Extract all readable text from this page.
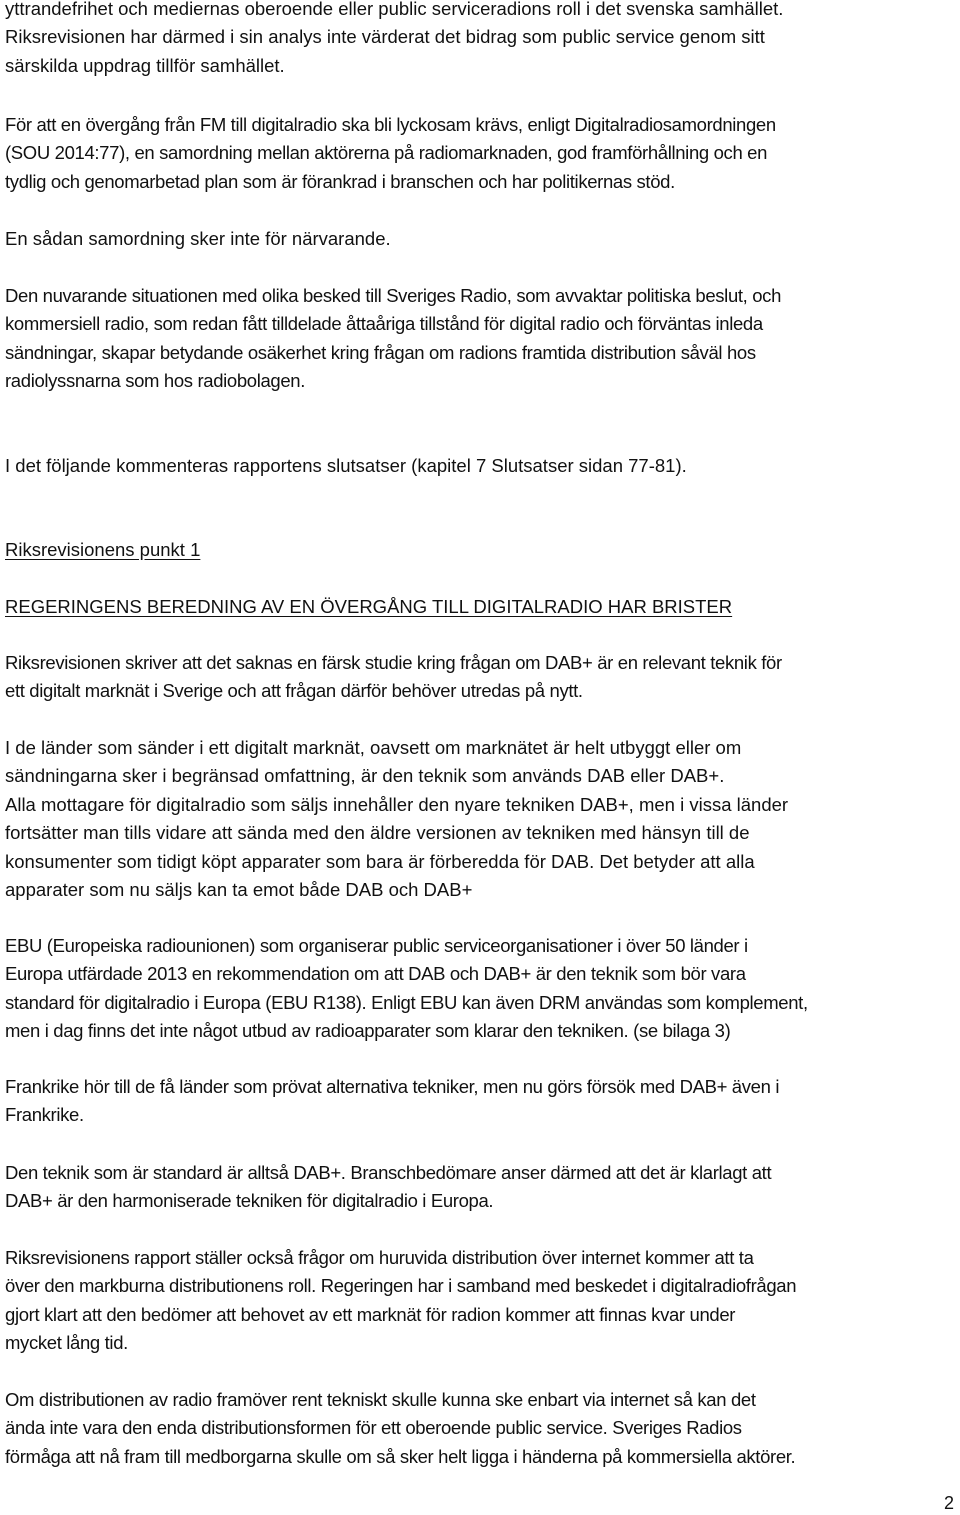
yttrandefrihet och mediernas oberoende eller public serviceradions roll i det svenska samhället.
Riksrevisionen har därmed i sin analys inte värderat det bidrag som public service genom sitt
särskilda uppdrag tillför samhället.

För att en övergång från FM till digitalradio ska bli lyckosam krävs, enligt Digitalradiosamordningen
(SOU 2014:77), en samordning mellan aktörerna på radiomarknaden, god framförhållning och en
tydlig och genomarbetad plan som är förankrad i branschen och har politikernas stöd.

En sådan samordning sker inte för närvarande.

Den nuvarande situationen med olika besked till Sveriges Radio, som avvaktar politiska beslut, och
kommersiell radio, som redan fått tilldelade åttaåriga tillstånd för digital radio och förväntas inleda
sändningar, skapar betydande osäkerhet kring frågan om radions framtida distribution såväl hos
radiolyssnarna som hos radiobolagen.

I det följande kommenteras rapportens slutsatser (kapitel 7 Slutsatser sidan 77-81).

Riksrevisionens punkt 1

REGERINGENS BEREDNING AV EN ÖVERGÅNG TILL DIGITALRADIO HAR BRISTER

Riksrevisionen skriver att det saknas en färsk studie kring frågan om DAB+ är en relevant teknik för
ett digitalt marknät i Sverige och att frågan därför behöver utredas på nytt.

I de länder som sänder i ett digitalt marknät, oavsett om marknätet är helt utbyggt eller om
sändningarna sker i begränsad omfattning, är den teknik som används DAB eller DAB+.
Alla mottagare för digitalradio som säljs innehåller den nyare tekniken DAB+, men i vissa länder
fortsätter man tills vidare att sända med den äldre versionen av tekniken med hänsyn till de
konsumenter som tidigt köpt apparater som bara är förberedda för DAB. Det betyder att alla
apparater som nu säljs kan ta emot både DAB och DAB+

EBU (Europeiska radiounionen) som organiserar public serviceorganisationer i över 50 länder i
Europa utfärdade 2013 en rekommendation om att DAB och DAB+ är den teknik som bör vara
standard för digitalradio i Europa (EBU R138). Enligt EBU kan även DRM användas som komplement,
men i dag finns det inte något utbud av radioapparater som klarar den tekniken. (se bilaga 3)

Frankrike hör till de få länder som prövat alternativa tekniker, men nu görs försök med DAB+ även i
Frankrike.

Den teknik som är standard är alltså DAB+. Branschbedömare anser därmed att det är klarlagt att
DAB+ är den harmoniserade tekniken för digitalradio i Europa.

Riksrevisionens rapport ställer också frågor om huruvida distribution över internet kommer att ta
över den markburna distributionens roll. Regeringen har i samband med beskedet i digitalradiofrågan
gjort klart att den bedömer att behovet av ett marknät för radion kommer att finnas kvar under
mycket lång tid.

Om distributionen av radio framöver rent tekniskt skulle kunna ske enbart via internet så kan det
ända inte vara den enda distributionsformen för ett oberoende public service. Sveriges Radios
förmåga att nå fram till medborgarna skulle om så sker helt ligga i händerna på kommersiella aktörer.

2
